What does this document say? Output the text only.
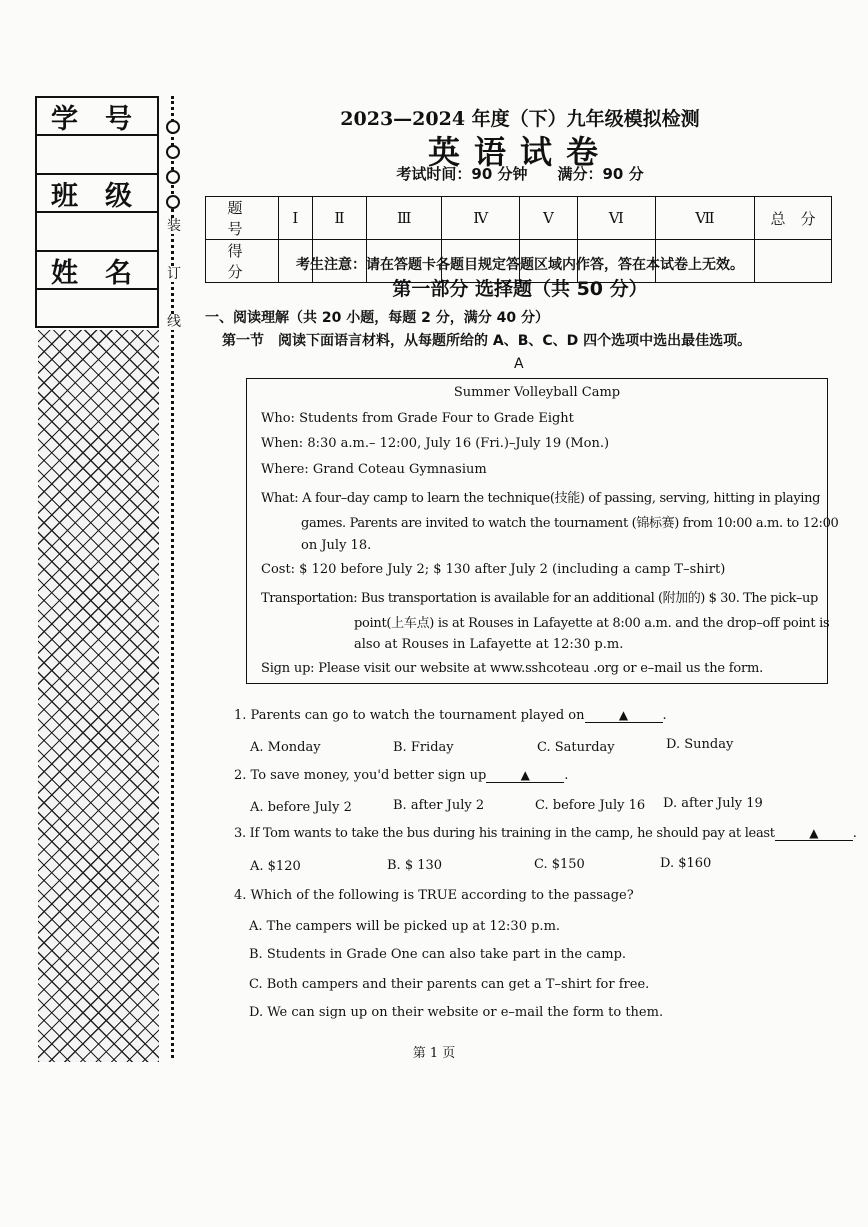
学　号
班　级
姓　名
装
订
线
2023—2024 年度（下）九年级模拟检测
英语试卷
考试时间：90 分钟　　满分：90 分
题 号	Ⅰ	Ⅱ	Ⅲ	Ⅳ	Ⅴ	Ⅵ	Ⅶ	总　分
得 分									考生注意：请在答题卡各题目规定答题区域内作答，答在本试卷上无效。
第一部分 选择题（共 50 分）
一、阅读理解（共 20 小题，每题 2 分，满分 40 分）
第一节　阅读下面语言材料，从每题所给的 A、B、C、D 四个选项中选出最佳选项。
A
Summer Volleyball Camp
Who: Students from Grade Four to Grade Eight
When: 8:30 a.m.– 12:00, July 16 (Fri.)–July 19 (Mon.)
Where: Grand Coteau Gymnasium
What: A four–day camp to learn the technique(技能) of passing, serving, hitting in playing
games. Parents are invited to watch the tournament (锦标赛) from 10:00 a.m. to 12:00
on July 18.
Cost: $ 120 before July 2; $ 130 after July 2 (including a camp T–shirt)
Transportation: Bus transportation is available for an additional (附加的) $ 30. The pick–up
point(上车点) is at Rouses in Lafayette at 8:00 a.m. and the drop–off point is
also at Rouses in Lafayette at 12:30 p.m.
Sign up: Please visit our website at www.sshcoteau .org or e–mail us the form.
1. Parents can go to watch the tournament played on	▲	.
A. Monday	B. Friday	C. Saturday	D. Sunday
2. To save money, you'd better sign up	▲	.
A. before July 2	B. after July 2	C. before July 16 D. after July 19
3. If Tom wants to take the bus during his training in the camp, he should pay at least	▲	.
A. $120	B. $ 130	C. $150	D. $160
4. Which of the following is TRUE according to the passage?
A. The campers will be picked up at 12:30 p.m.
B. Students in Grade One can also take part in the camp.
C. Both campers and their parents can get a T–shirt for free.
D. We can sign up on their website or e–mail the form to them.
第 1 页
